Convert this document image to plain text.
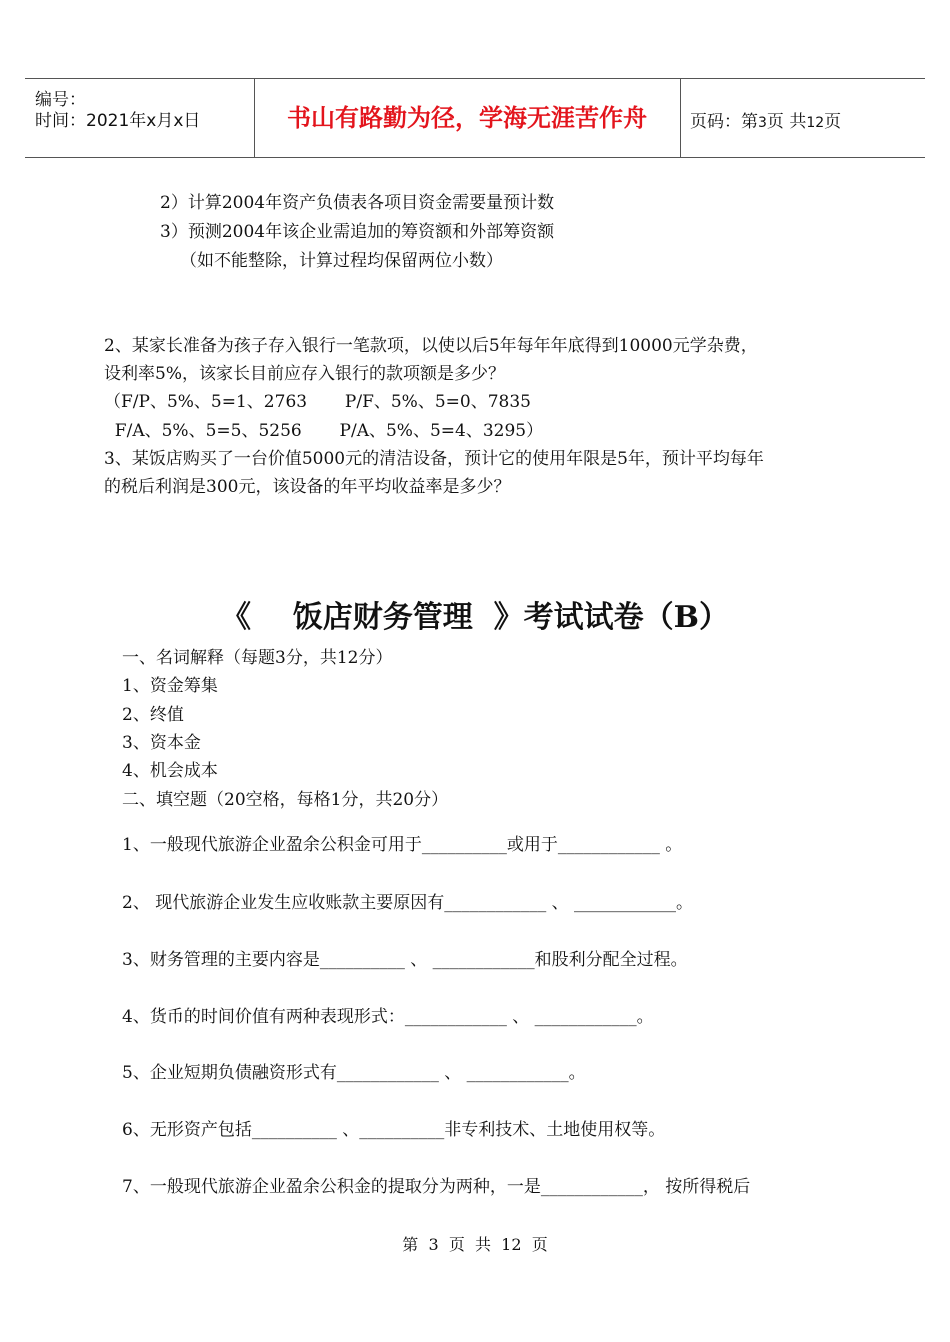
编号：
时间：2021年x月x日	书山有路勤为径，学海无涯苦作舟	页码：第3页 共12页
2）计算2004年资产负债表各项目资金需要量预计数
3）预测2004年该企业需追加的筹资额和外部筹资额
（如不能整除，计算过程均保留两位小数）
2、某家长准备为孩子存入银行一笔款项，以使以后5年每年年底得到10000元学杂费，
设利率5%，该家长目前应存入银行的款项额是多少？
（F/P、5%、5=1、2763       P/F、5%、5=0、7835
F/A、5%、5=5、5256       P/A、5%、5=4、3295）
3、某饭店购买了一台价值5000元的清洁设备，预计它的使用年限是5年，预计平均每年
的税后利润是300元，该设备的年平均收益率是多少？
《    饭店财务管理  》考试试卷（B）
一、名词解释（每题3分，共12分）
1、资金筹集
2、终值
3、资本金
4、机会成本
二、填空题（20空格，每格1分，共20分）
1、一般现代旅游企业盈余公积金可用于__________或用于____________ 。
2、 现代旅游企业发生应收账款主要原因有____________ 、 ____________。
3、财务管理的主要内容是__________ 、 ____________和股利分配全过程。
4、货币的时间价值有两种表现形式：____________ 、 ____________。
5、企业短期负债融资形式有____________ 、 ____________。
6、无形资产包括__________ 、__________非专利技术、土地使用权等。
7、一般现代旅游企业盈余公积金的提取分为两种，一是____________， 按所得税后
第  3  页  共  12  页
